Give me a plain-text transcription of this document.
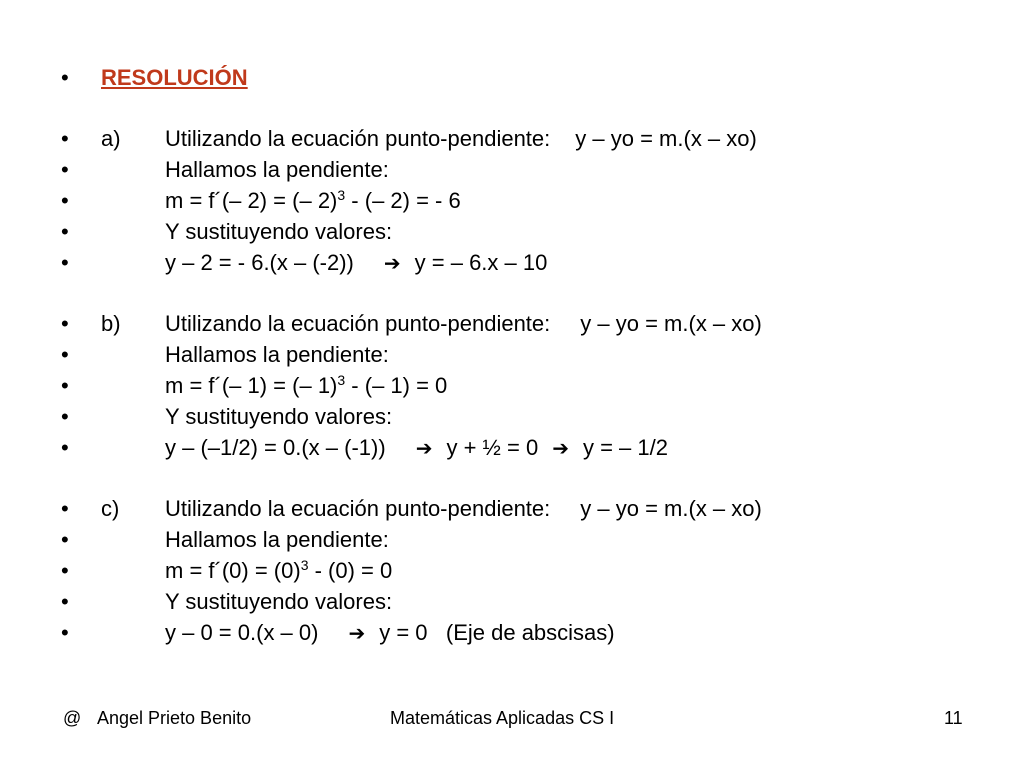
• RESOLUCIÓN
• a) Utilizando la ecuación punto-pendiente: y – yo = m.(x – xo)
•	Hallamos la pendiente:
•	m = f´(– 2) = (– 2)$^3$ - (– 2) = - 6
•	Y sustituyendo valores:
•	y – 2 = - 6.(x – (-2)) ➔ y = – 6.x – 10
• b) Utilizando la ecuación punto-pendiente: y – yo = m.(x – xo)
•	Hallamos la pendiente:
•	m = f´(– 1) = (– 1)$^3$ - (– 1) = 0
•	Y sustituyendo valores:
•	y – (–1/2) = 0.(x – (-1)) ➔ y + ½ = 0 ➔ y = – 1/2
• c) Utilizando la ecuación punto-pendiente: y – yo = m.(x – xo)
•	Hallamos la pendiente:
•	m = f´(0) = $(0)^3 - (0) = 0$
•	Y sustituyendo valores:
•	y – 0 = 0.(x – 0) ➔ y = 0   (Eje de abscisas)
@ Angel Prieto Benito	Matemáticas Aplicadas CS I	11
